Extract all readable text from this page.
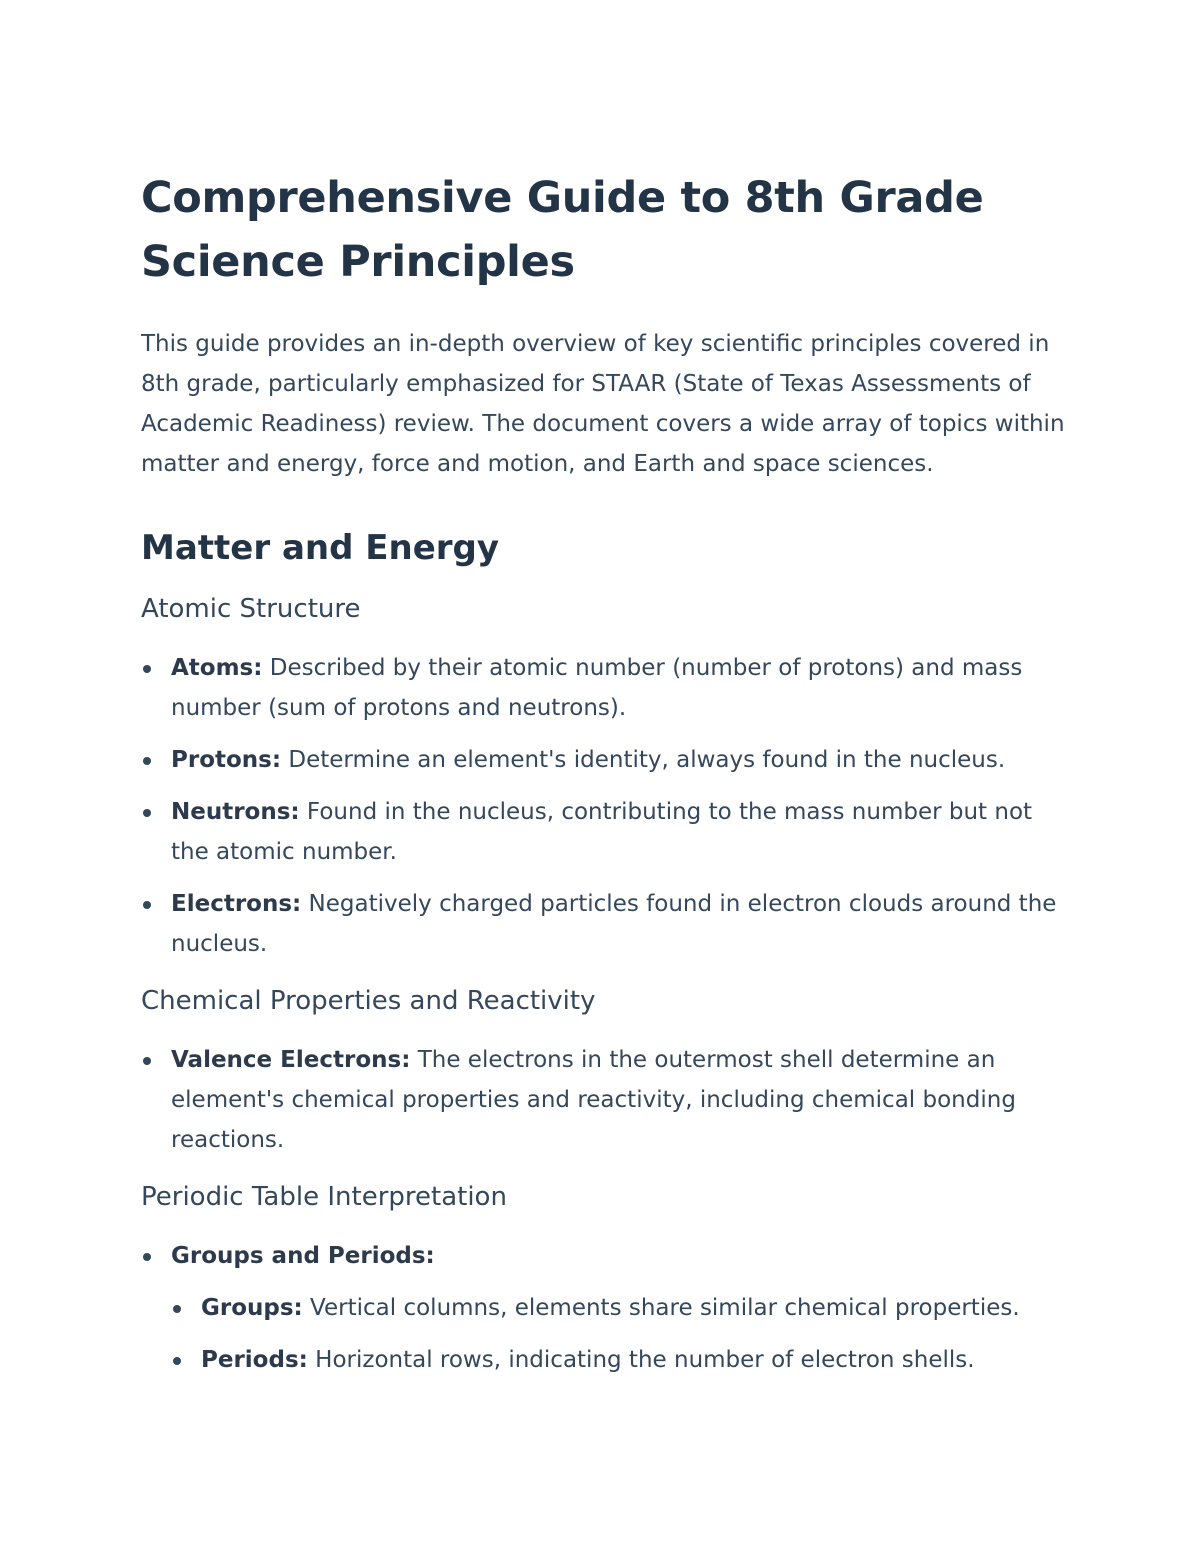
Comprehensive Guide to 8th Grade Science Principles

This guide provides an in-depth overview of key scientific principles covered in 8th grade, particularly emphasized for STAAR (State of Texas Assessments of Academic Readiness) review. The document covers a wide array of topics within matter and energy, force and motion, and Earth and space sciences.

Matter and Energy
Atomic Structure
Atoms: Described by their atomic number (number of protons) and mass number (sum of protons and neutrons).
Protons: Determine an element's identity, always found in the nucleus.
Neutrons: Found in the nucleus, contributing to the mass number but not the atomic number.
Electrons: Negatively charged particles found in electron clouds around the nucleus.
Chemical Properties and Reactivity
Valence Electrons: The electrons in the outermost shell determine an element's chemical properties and reactivity, including chemical bonding reactions.
Periodic Table Interpretation
Groups and Periods:
Groups: Vertical columns, elements share similar chemical properties.
Periods: Horizontal rows, indicating the number of electron shells.
